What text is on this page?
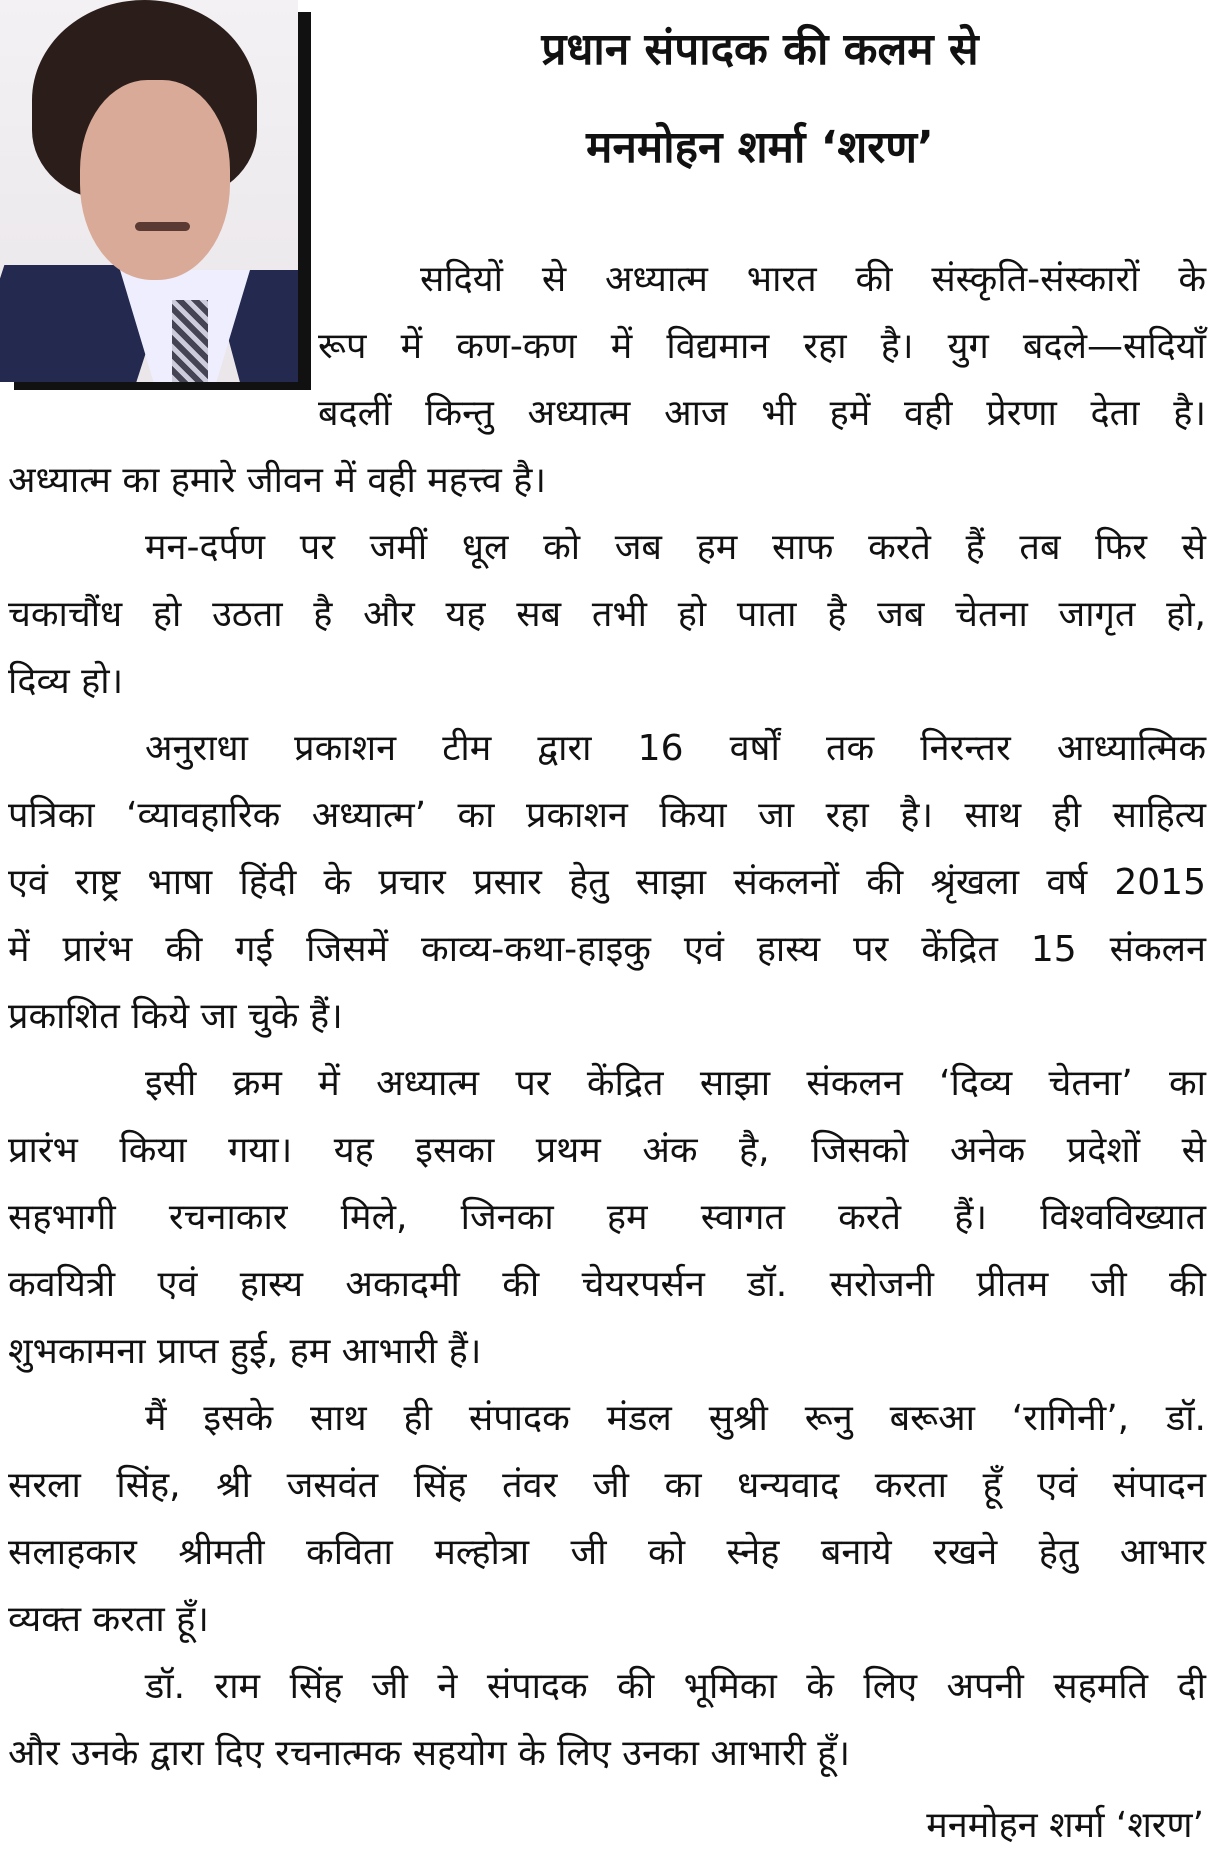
प्रधान संपादक की कलम से
मनमोहन शर्मा ‘शरण’
सदियों से अध्यात्म भारत की संस्कृति-संस्कारों के
रूप में कण-कण में विद्यमान रहा है। युग बदले—सदियाँ
बदलीं किन्तु अध्यात्म आज भी हमें वही प्रेरणा देता है।
अध्यात्म का हमारे जीवन में वही महत्त्व है।
मन-दर्पण पर जमीं धूल को जब हम साफ करते हैं तब फिर से
चकाचौंध हो उठता है और यह सब तभी हो पाता है जब चेतना जागृत हो,
दिव्य हो।
अनुराधा प्रकाशन टीम द्वारा 16 वर्षों तक निरन्तर आध्यात्मिक
पत्रिका ‘व्यावहारिक अध्यात्म’ का प्रकाशन किया जा रहा है। साथ ही साहित्य
एवं राष्ट्र भाषा हिंदी के प्रचार प्रसार हेतु साझा संकलनों की श्रृंखला वर्ष 2015
में प्रारंभ की गई जिसमें काव्य-कथा-हाइकु एवं हास्य पर केंद्रित 15 संकलन
प्रकाशित किये जा चुके हैं।
इसी क्रम में अध्यात्म पर केंद्रित साझा संकलन ‘दिव्य चेतना’ का
प्रारंभ किया गया। यह इसका प्रथम अंक है, जिसको अनेक प्रदेशों से
सहभागी रचनाकार मिले, जिनका हम स्वागत करते हैं। विश्वविख्यात
कवयित्री एवं हास्य अकादमी की चेयरपर्सन डॉ. सरोजनी प्रीतम जी की
शुभकामना प्राप्त हुई, हम आभारी हैं।
मैं इसके साथ ही संपादक मंडल सुश्री रूनु बरूआ ‘रागिनी’, डॉ.
सरला सिंह, श्री जसवंत सिंह तंवर जी का धन्यवाद करता हूँ एवं संपादन
सलाहकार श्रीमती कविता मल्होत्रा जी को स्नेह बनाये रखने हेतु आभार
व्यक्त करता हूँ।
डॉ. राम सिंह जी ने संपादक की भूमिका के लिए अपनी सहमति दी
और उनके द्वारा दिए रचनात्मक सहयोग के लिए उनका आभारी हूँ।
मनमोहन शर्मा ‘शरण’
